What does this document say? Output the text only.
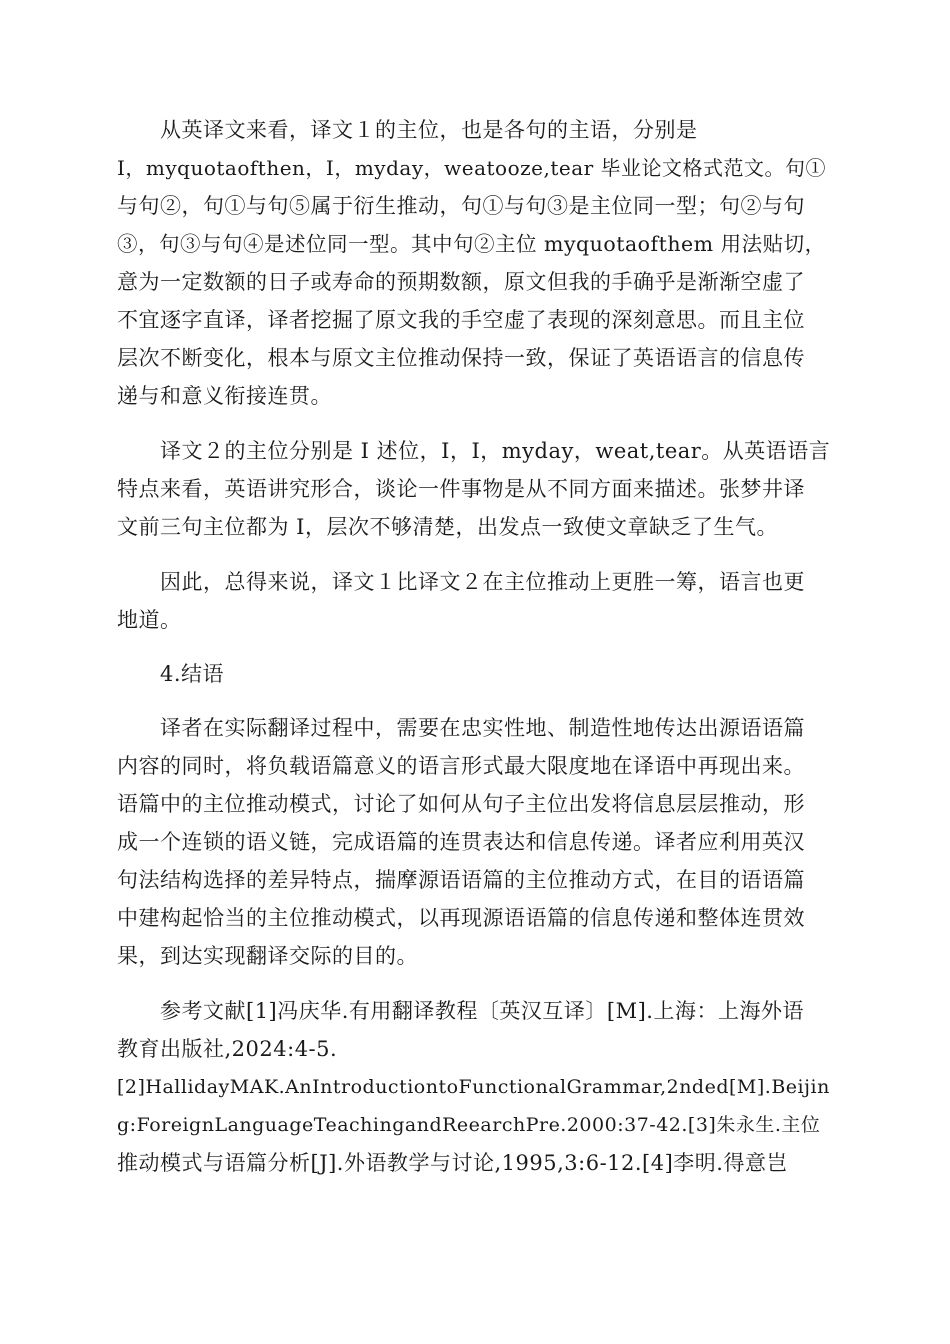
从英译文来看，译文１的主位，也是各句的主语，分别是
I，myquotaofthen，I，myday，weatooze,tear 毕业论文格式范文。句①
与句②，句①与句⑤属于衍生推动，句①与句③是主位同一型；句②与句
③，句③与句④是述位同一型。其中句②主位 myquotaofthem 用法贴切，
意为一定数额的日子或寿命的预期数额，原文但我的手确乎是渐渐空虚了
不宜逐字直译，译者挖掘了原文我的手空虚了表现的深刻意思。而且主位
层次不断变化，根本与原文主位推动保持一致，保证了英语语言的信息传
递与和意义衔接连贯。
译文２的主位分别是 I 述位，I，I，myday，weat,tear。从英语语言
特点来看，英语讲究形合，谈论一件事物是从不同方面来描述。张梦井译
文前三句主位都为 I，层次不够清楚，出发点一致使文章缺乏了生气。
因此，总得来说，译文１比译文２在主位推动上更胜一筹，语言也更
地道。
4.结语
译者在实际翻译过程中，需要在忠实性地、制造性地传达出源语语篇
内容的同时，将负载语篇意义的语言形式最大限度地在译语中再现出来。
语篇中的主位推动模式，讨论了如何从句子主位出发将信息层层推动，形
成一个连锁的语义链，完成语篇的连贯表达和信息传递。译者应利用英汉
句法结构选择的差异特点，揣摩源语语篇的主位推动方式，在目的语语篇
中建构起恰当的主位推动模式，以再现源语语篇的信息传递和整体连贯效
果，到达实现翻译交际的目的。
参考文献[1]冯庆华.有用翻译教程〔英汉互译〕[M].上海：上海外语
教育出版社,2024:4-5.
[2]HallidayMAK.AnIntroductiontoFunctionalGrammar,2nded[M].Beijin
g:ForeignLanguageTeachingandReearchPre.2000:37-42.[3]朱永生.主位
推动模式与语篇分析[J].外语教学与讨论,1995,3:6-12.[4]李明.得意岂
